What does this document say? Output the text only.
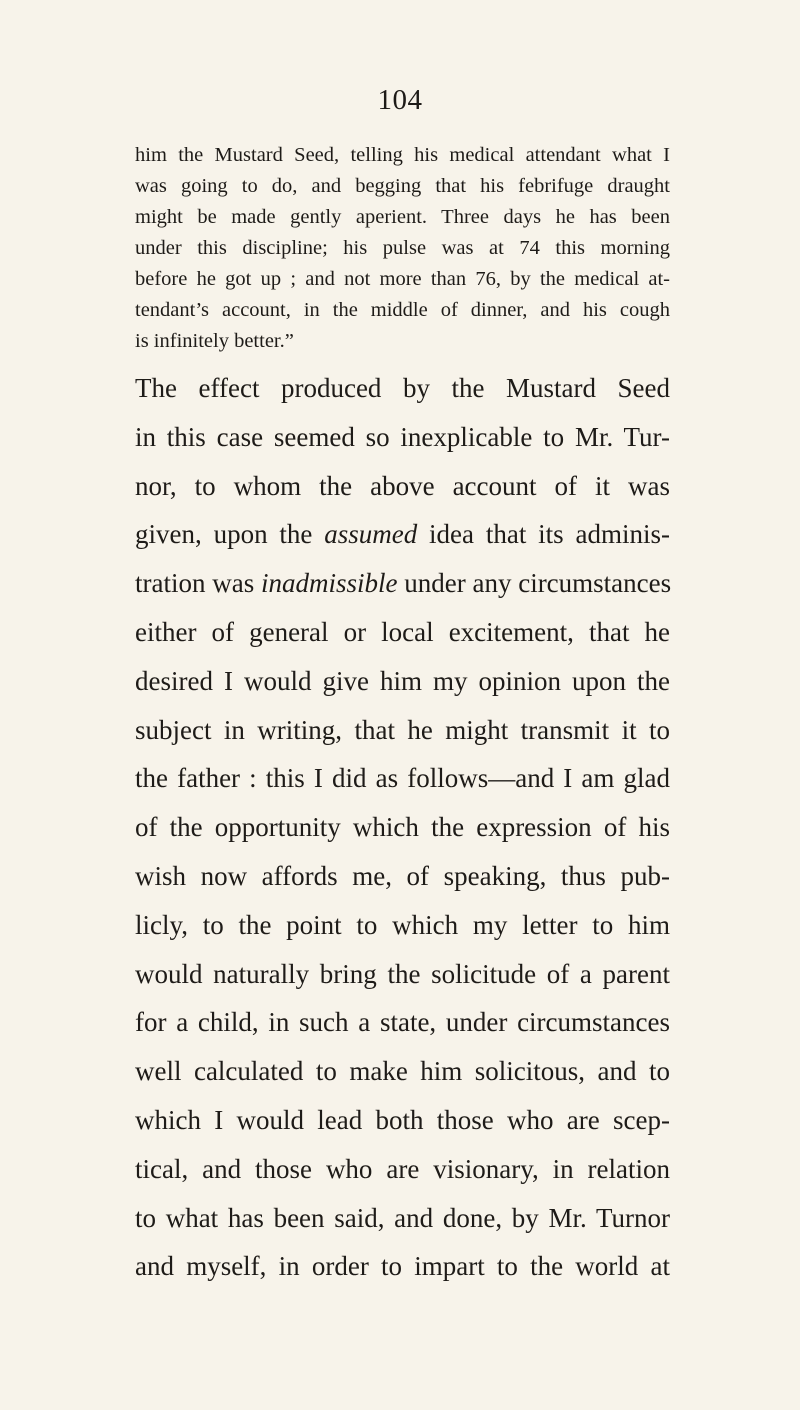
104
him the Mustard Seed, telling his medical attendant what I
was going to do, and begging that his febrifuge draught
might be made gently aperient. Three days he has been
under this discipline; his pulse was at 74 this morning
before he got up ; and not more than 76, by the medical at-
tendant’s account, in the middle of dinner, and his cough
is infinitely better.”
The effect produced by the Mustard Seed
in this case seemed so inexplicable to Mr. Tur-
nor, to whom the above account of it was
given, upon the assumed idea that its adminis-
tration was inadmissible under any circumstances
either of general or local excitement, that he
desired I would give him my opinion upon the
subject in writing, that he might transmit it to
the father : this I did as follows—and I am glad
of the opportunity which the expression of his
wish now affords me, of speaking, thus pub-
licly, to the point to which my letter to him
would naturally bring the solicitude of a parent
for a child, in such a state, under circumstances
well calculated to make him solicitous, and to
which I would lead both those who are scep-
tical, and those who are visionary, in relation
to what has been said, and done, by Mr. Turnor
and myself, in order to impart to the world at
